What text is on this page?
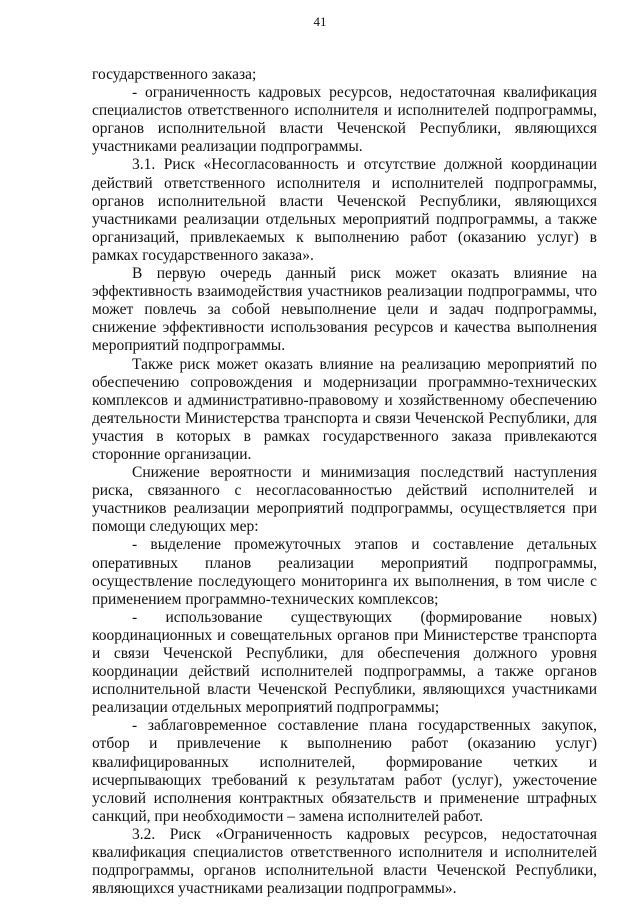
41

государственного заказа;

- ограниченность кадровых ресурсов, недостаточная квалификация специалистов ответственного исполнителя и исполнителей подпрограммы, органов исполнительной власти Чеченской Республики, являющихся участниками реализации подпрограммы.

3.1. Риск «Несогласованность и отсутствие должной координации действий ответственного исполнителя и исполнителей подпрограммы, органов исполнительной власти Чеченской Республики, являющихся участниками реализации отдельных мероприятий подпрограммы, а также организаций, привлекаемых к выполнению работ (оказанию услуг) в рамках государственного заказа».

В первую очередь данный риск может оказать влияние на эффективность взаимодействия участников реализации подпрограммы, что может повлечь за собой невыполнение цели и задач подпрограммы, снижение эффективности использования ресурсов и качества выполнения мероприятий подпрограммы.

Также риск может оказать влияние на реализацию мероприятий по обеспечению сопровождения и модернизации программно-технических комплексов и административно-правовому и хозяйственному обеспечению деятельности Министерства транспорта и связи Чеченской Республики, для участия в которых в рамках государственного заказа привлекаются сторонние организации.

Снижение вероятности и минимизация последствий наступления риска, связанного с несогласованностью действий исполнителей и участников реализации мероприятий подпрограммы, осуществляется при помощи следующих мер:

- выделение промежуточных этапов и составление детальных оперативных планов реализации мероприятий подпрограммы, осуществление последующего мониторинга их выполнения, в том числе с применением программно-технических комплексов;

- использование существующих (формирование новых) координационных и совещательных органов при Министерстве транспорта и связи Чеченской Республики, для обеспечения должного уровня координации действий исполнителей подпрограммы, а также органов исполнительной власти Чеченской Республики, являющихся участниками реализации отдельных мероприятий подпрограммы;

- заблаговременное составление плана государственных закупок, отбор и привлечение к выполнению работ (оказанию услуг) квалифицированных исполнителей, формирование четких и исчерпывающих требований к результатам работ (услуг), ужесточение условий исполнения контрактных обязательств и применение штрафных санкций, при необходимости – замена исполнителей работ.

3.2. Риск «Ограниченность кадровых ресурсов, недостаточная квалификация специалистов ответственного исполнителя и исполнителей подпрограммы, органов исполнительной власти Чеченской Республики, являющихся участниками реализации подпрограммы».
